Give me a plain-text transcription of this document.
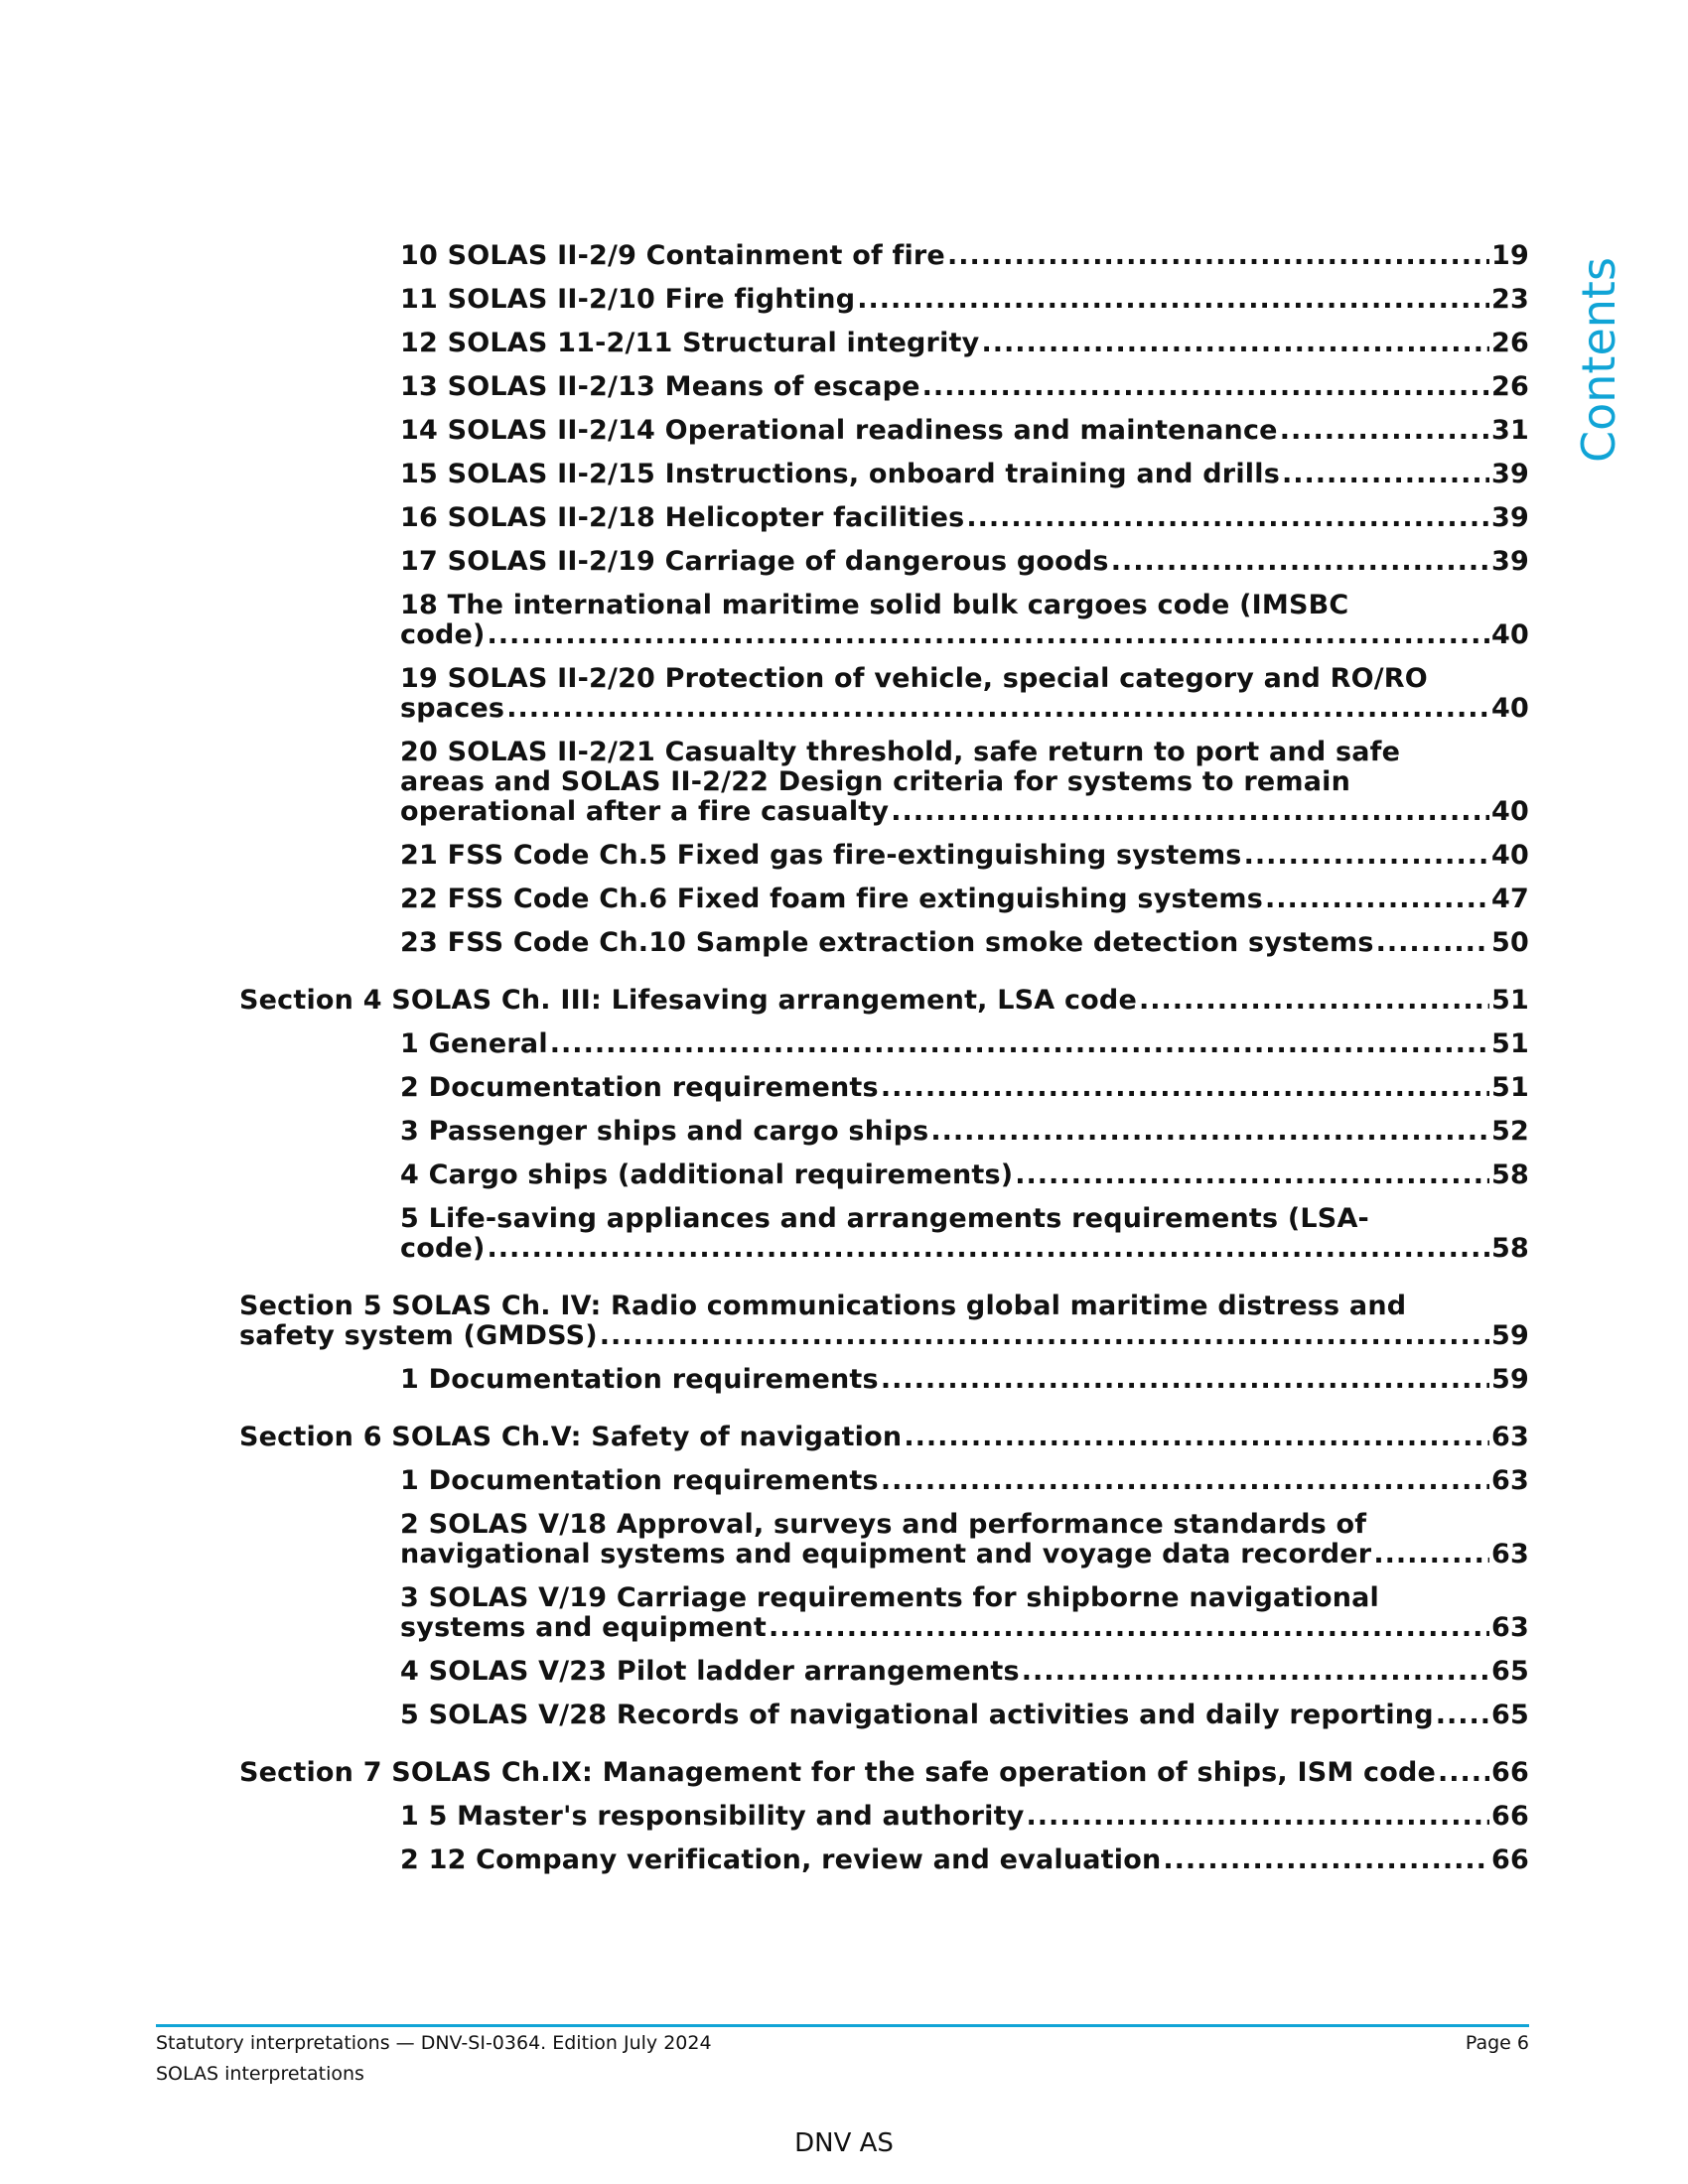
Contents
10 SOLAS II-2/9 Containment of fire .....	19
11 SOLAS II-2/10 Fire fighting .....	23
12 SOLAS 11-2/11 Structural integrity .....	26
13 SOLAS II-2/13 Means of escape .....	26
14 SOLAS II-2/14 Operational readiness and maintenance .....	31
15 SOLAS II-2/15 Instructions, onboard training and drills .....	39
16 SOLAS II-2/18 Helicopter facilities .....	39
17 SOLAS II-2/19 Carriage of dangerous goods .....	39
18 The international maritime solid bulk cargoes code (IMSBC
code) .....	40
19 SOLAS II-2/20 Protection of vehicle, special category and RO/RO
spaces .....	40
20 SOLAS II-2/21 Casualty threshold, safe return to port and safe
areas and SOLAS II-2/22 Design criteria for systems to remain
operational after a fire casualty .....	40
21 FSS Code Ch.5 Fixed gas fire-extinguishing systems .....	40
22 FSS Code Ch.6 Fixed foam fire extinguishing systems .....	47
23 FSS Code Ch.10 Sample extraction smoke detection systems .....	50
Section 4 SOLAS Ch. III: Lifesaving arrangement, LSA code .....	51
1 General .....	51
2 Documentation requirements .....	51
3 Passenger ships and cargo ships .....	52
4 Cargo ships (additional requirements) .....	58
5 Life-saving appliances and arrangements requirements (LSA-
code) .....	58
Section 5 SOLAS Ch. IV: Radio communications global maritime distress and
safety system (GMDSS) .....	59
1 Documentation requirements .....	59
Section 6 SOLAS Ch.V: Safety of navigation .....	63
1 Documentation requirements .....	63
2 SOLAS V/18 Approval, surveys and performance standards of
navigational systems and equipment and voyage data recorder .....	63
3 SOLAS V/19 Carriage requirements for shipborne navigational
systems and equipment .....	63
4 SOLAS V/23 Pilot ladder arrangements .....	65
5 SOLAS V/28 Records of navigational activities and daily reporting ..... 65
Section 7 SOLAS Ch.IX: Management for the safe operation of ships, ISM code ..... 66
1 5 Master's responsibility and authority .....	66
2 12 Company verification, review and evaluation .....	66
Statutory interpretations — DNV-SI-0364. Edition July 2024
SOLAS interpretations
Page 6
DNV AS
